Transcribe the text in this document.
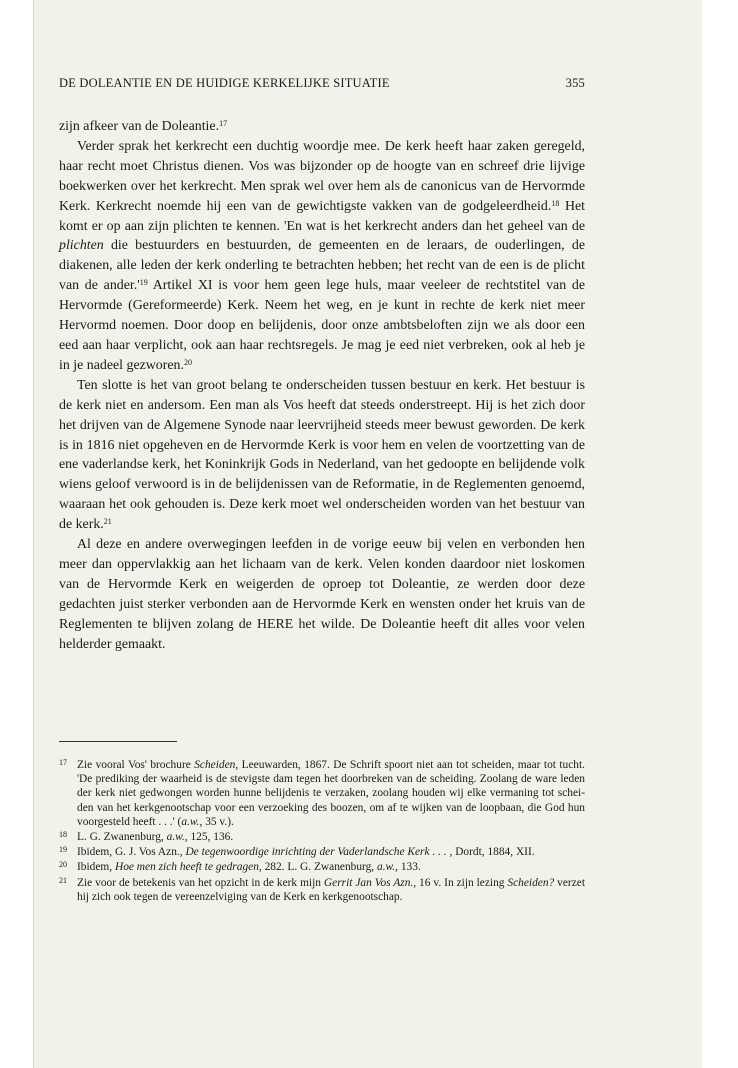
DE DOLEANTIE EN DE HUIDIGE KERKELIJKE SITUATIE	355

zijn afkeer van de Doleantie.$^{17}$

Verder sprak het kerkrecht een duchtig woordje mee. De kerk heeft haar zaken geregeld, haar recht moet Christus dienen. Vos was bijzonder op de hoogte van en schreef drie lijvige boekwerken over het kerkrecht. Men sprak wel over hem als de canonicus van de Hervormde Kerk. Kerkrecht noemde hij een van de gewichtigste vakken van de godgeleerdheid.$^{18}$ Het komt er op aan zijn plichten te kennen. 'En wat is het kerkrecht anders dan het geheel van de plichten die bestuurders en bestuurden, de gemeenten en de leraars, de ouderlingen, de diakenen, alle leden der kerk onderling te betrachten hebben; het recht van de een is de plicht van de $ander.'^{19}$ Artikel XI is voor hem geen lege huls, maar veeleer de rechtstitel van de Hervormde (Gereformeerde) Kerk. Neem het weg, en je kunt in rechte de kerk niet meer Hervormd noemen. Door doop en belijdenis, door onze ambtsbeloften zijn we als door een eed aan haar verplicht, ook aan haar rechtsregels. Je mag je eed niet verbreken, ook al heb je in je nadeel gezworen.$^{20}$

Ten slotte is het van groot belang te onderscheiden tussen bestuur en kerk. Het bestuur is de kerk niet en andersom. Een man als Vos heeft dat steeds onderstreept. Hij is het zich door het drijven van de Algemene Synode naar leervrijheid steeds meer bewust geworden. De kerk is in 1816 niet opgeheven en de Hervormde Kerk is voor hem en velen de voortzetting van de ene vaderlandse kerk, het Koninkrijk Gods in Nederland, van het gedoopte en belijdende volk wiens geloof verwoord is in de belijdenissen van de Reformatie, in de Reglementen genoemd, waaraan het ook gehouden is. Deze kerk moet wel onderscheiden worden van het bestuur van de kerk.$^{21}$

Al deze en andere overwegingen leefden in de vorige eeuw bij velen en verbonden hen meer dan oppervlakkig aan het lichaam van de kerk. Velen konden daardoor niet loskomen van de Hervormde Kerk en weigerden de oproep tot Doleantie, ze werden door deze gedachten juist sterker verbonden aan de Hervormde Kerk en wensten onder het kruis van de Reglementen te blijven zolang de HERE het wilde. De Doleantie heeft dit alles voor velen helderder gemaakt.

17 Zie vooral Vos' brochure Scheiden, Leeuwarden, 1867. De Schrift spoort niet aan tot scheiden, maar tot tucht. 'De prediking der waarheid is de stevigste dam tegen het doorbreken van de scheiding. Zoolang de ware leden der kerk niet gedwongen worden hunne belijdenis te verzaken, zoolang houden wij elke vermaning tot scheiden van het kerkgenootschap voor een verzoeking des boozen, om af te wijken van de loopbaan, die God hun voorgesteld heeft . . .' (a.w., 35 v.).
18 L. G. Zwanenburg, a.w., 125, 136.
19 Ibidem, G. J. Vos Azn., De tegenwoordige inrichting der Vaderlandsche Kerk . . . , Dordt, 1884, XII.
20 Ibidem, Hoe men zich heeft te gedragen, 282. L. G. Zwanenburg, a.w., 133.
21 Zie voor de betekenis van het opzicht in de kerk mijn Gerrit Jan Vos Azn., 16 v. In zijn lezing Scheiden? verzet hij zich ook tegen de vereenzelviging van de Kerk en kerkgenootschap.
